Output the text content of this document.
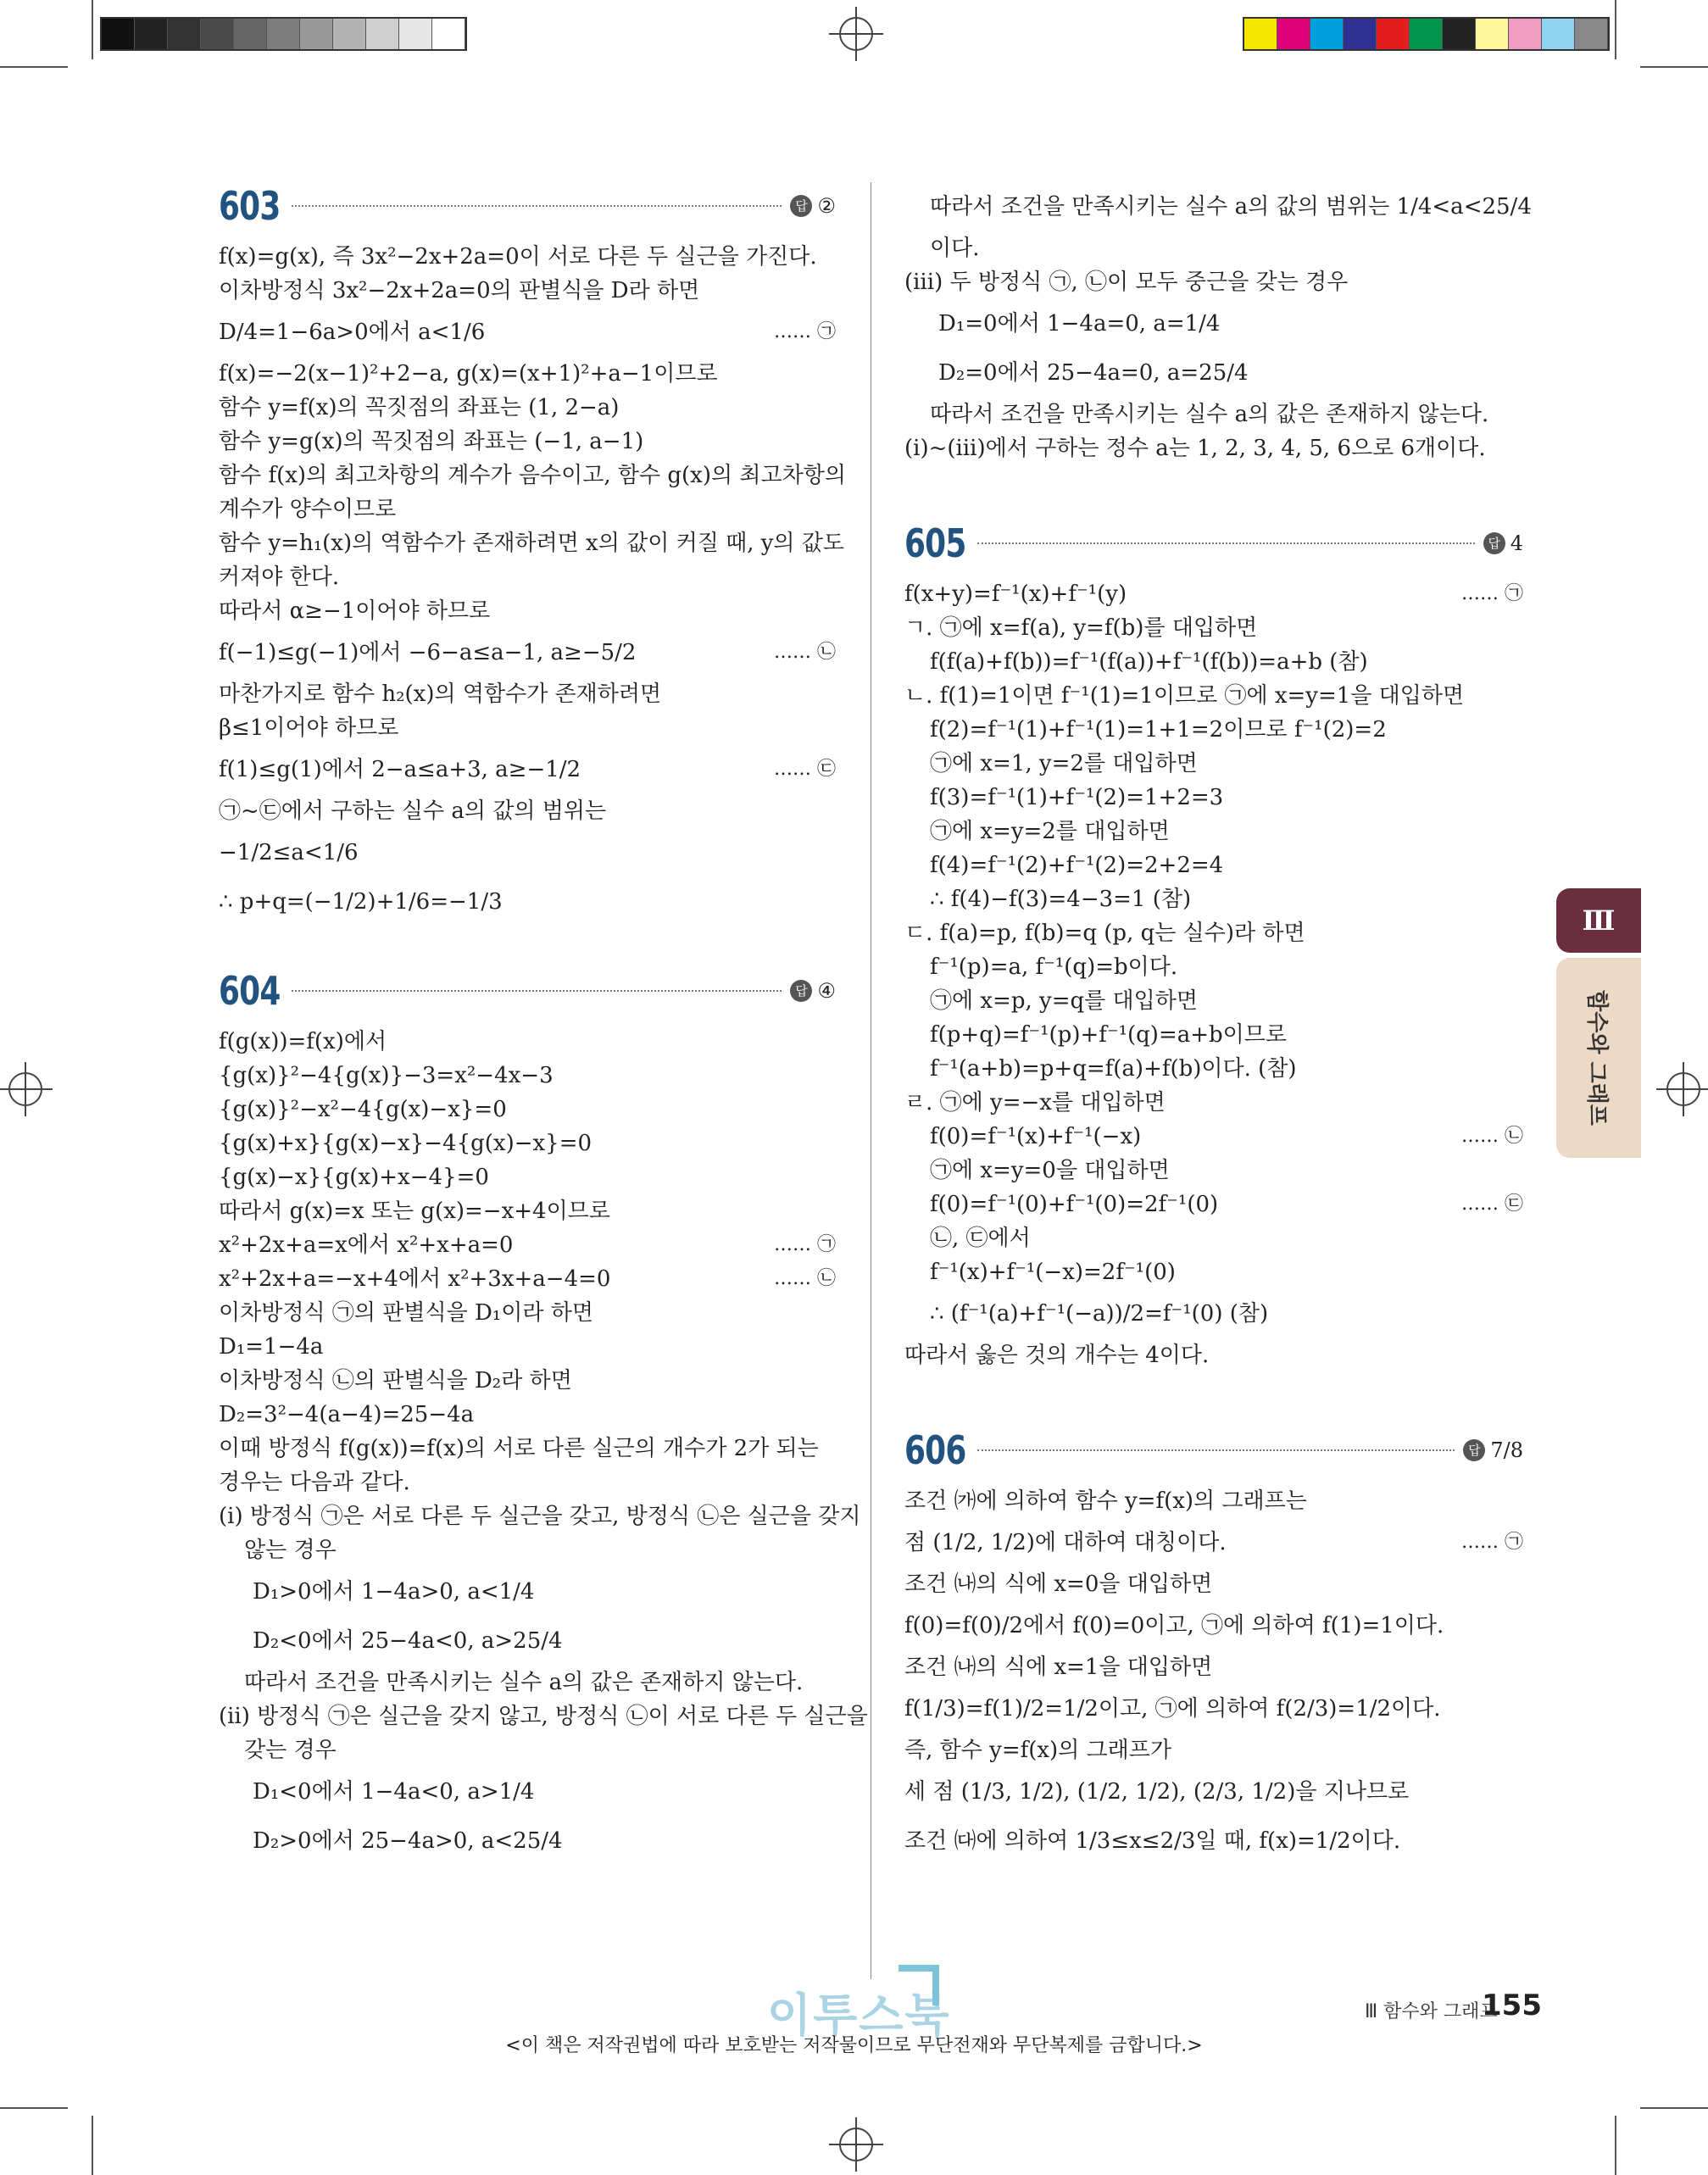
603	답 ②
f(x)=g(x), 즉 3x²−2x+2a=0이 서로 다른 두 실근을 가진다.
이차방정식 3x²−2x+2a=0의 판별식을 D라 하면
D/4=1−6a>0에서 a<1/6	…… ㉠
f(x)=−2(x−1)²+2−a, g(x)=(x+1)²+a−1이므로
함수 y=f(x)의 꼭짓점의 좌표는 (1, 2−a)
함수 y=g(x)의 꼭짓점의 좌표는 (−1, a−1)
함수 f(x)의 최고차항의 계수가 음수이고, 함수 g(x)의 최고차항의
계수가 양수이므로
함수 y=h₁(x)의 역함수가 존재하려면 x의 값이 커질 때, y의 값도
커져야 한다.
따라서 α≥−1이어야 하므로
f(−1)≤g(−1)에서 −6−a≤a−1, a≥−5/2	…… ㉡
마찬가지로 함수 h₂(x)의 역함수가 존재하려면
β≤1이어야 하므로
f(1)≤g(1)에서 2−a≤a+3, a≥−1/2	…… ㉢
㉠~㉢에서 구하는 실수 a의 값의 범위는
−1/2≤a<1/6
∴ p+q=(−1/2)+1/6=−1/3
604	답 ④
f(g(x))=f(x)에서
{g(x)}²−4{g(x)}−3=x²−4x−3
{g(x)}²−x²−4{g(x)−x}=0
{g(x)+x}{g(x)−x}−4{g(x)−x}=0
{g(x)−x}{g(x)+x−4}=0
따라서 g(x)=x 또는 g(x)=−x+4이므로
x²+2x+a=x에서 x²+x+a=0	…… ㉠
x²+2x+a=−x+4에서 x²+3x+a−4=0	…… ㉡
이차방정식 ㉠의 판별식을 D₁이라 하면
D₁=1−4a
이차방정식 ㉡의 판별식을 D₂라 하면
D₂=3²−4(a−4)=25−4a
이때 방정식 f(g(x))=f(x)의 서로 다른 실근의 개수가 2가 되는
경우는 다음과 같다.
(ⅰ) 방정식 ㉠은 서로 다른 두 실근을 갖고, 방정식 ㉡은 실근을 갖지
않는 경우
D₁>0에서 1−4a>0, a<1/4
D₂<0에서 25−4a<0, a>25/4
따라서 조건을 만족시키는 실수 a의 값은 존재하지 않는다.
(ⅱ) 방정식 ㉠은 실근을 갖지 않고, 방정식 ㉡이 서로 다른 두 실근을
갖는 경우
D₁<0에서 1−4a<0, a>1/4
D₂>0에서 25−4a>0, a<25/4
따라서 조건을 만족시키는 실수 a의 값의 범위는 1/4<a<25/4
이다.
(ⅲ) 두 방정식 ㉠, ㉡이 모두 중근을 갖는 경우
D₁=0에서 1−4a=0, a=1/4
D₂=0에서 25−4a=0, a=25/4
따라서 조건을 만족시키는 실수 a의 값은 존재하지 않는다.
(ⅰ)~(ⅲ)에서 구하는 정수 a는 1, 2, 3, 4, 5, 6으로 6개이다.
605	답 4
f(x+y)=f⁻¹(x)+f⁻¹(y)	…… ㉠
ㄱ. ㉠에 x=f(a), y=f(b)를 대입하면
f(f(a)+f(b))=f⁻¹(f(a))+f⁻¹(f(b))=a+b (참)
ㄴ. f(1)=1이면 f⁻¹(1)=1이므로 ㉠에 x=y=1을 대입하면
f(2)=f⁻¹(1)+f⁻¹(1)=1+1=2이므로 f⁻¹(2)=2
㉠에 x=1, y=2를 대입하면
f(3)=f⁻¹(1)+f⁻¹(2)=1+2=3
㉠에 x=y=2를 대입하면
f(4)=f⁻¹(2)+f⁻¹(2)=2+2=4
∴ f(4)−f(3)=4−3=1 (참)
ㄷ. f(a)=p, f(b)=q (p, q는 실수)라 하면
f⁻¹(p)=a, f⁻¹(q)=b이다.
㉠에 x=p, y=q를 대입하면
f(p+q)=f⁻¹(p)+f⁻¹(q)=a+b이므로
f⁻¹(a+b)=p+q=f(a)+f(b)이다. (참)
ㄹ. ㉠에 y=−x를 대입하면
f(0)=f⁻¹(x)+f⁻¹(−x)	…… ㉡
㉠에 x=y=0을 대입하면
f(0)=f⁻¹(0)+f⁻¹(0)=2f⁻¹(0)	…… ㉢
㉡, ㉢에서
f⁻¹(x)+f⁻¹(−x)=2f⁻¹(0)
∴ (f⁻¹(a)+f⁻¹(−a))/2=f⁻¹(0) (참)
따라서 옳은 것의 개수는 4이다.
606	답 7/8
조건 ㈎에 의하여 함수 y=f(x)의 그래프는
점 (1/2, 1/2)에 대하여 대칭이다.	…… ㉠
조건 ㈏의 식에 x=0을 대입하면
f(0)=f(0)/2에서 f(0)=0이고, ㉠에 의하여 f(1)=1이다.
조건 ㈏의 식에 x=1을 대입하면
f(1/3)=f(1)/2=1/2이고, ㉠에 의하여 f(2/3)=1/2이다.
즉, 함수 y=f(x)의 그래프가
세 점 (1/3, 1/2), (1/2, 1/2), (2/3, 1/2)을 지나므로
조건 ㈐에 의하여 1/3≤x≤2/3일 때, f(x)=1/2이다.
Ⅲ
함수와 그래프
이투스북	Ⅲ 함수와 그래프
155
<이 책은 저작권법에 따라 보호받는 저작물이므로 무단전재와 무단복제를 금합니다.>
